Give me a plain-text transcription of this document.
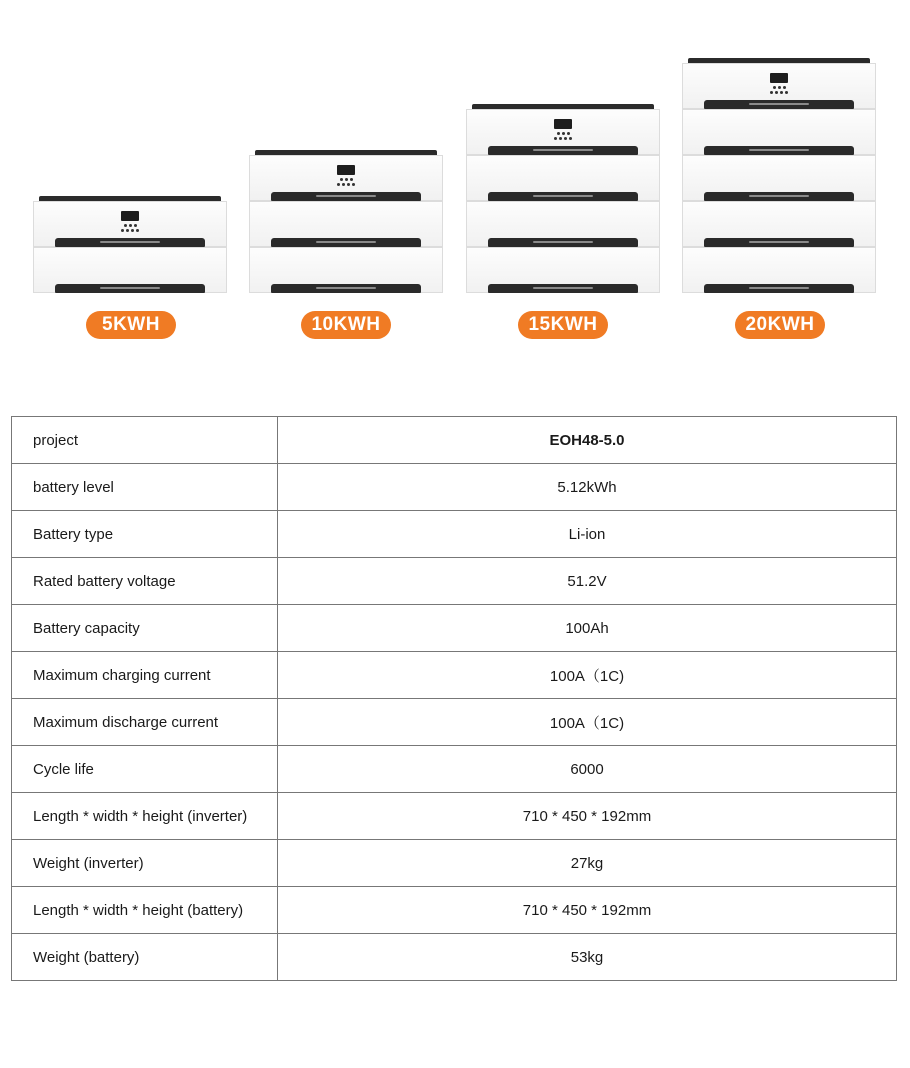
5KWH	10KWH	15KWH	20KWH
project	EOH48-5.0
battery level	5.12kWh
Battery type	Li-ion
Rated battery voltage	51.2V
Battery capacity	100Ah
Maximum charging current	100A（1C)
Maximum discharge current	100A（1C)
Cycle life	6000
Length * width * height (inverter)	710 * 450 * 192mm
Weight (inverter)	27kg
Length * width * height (battery)	710 * 450 * 192mm
Weight (battery)	53kg
